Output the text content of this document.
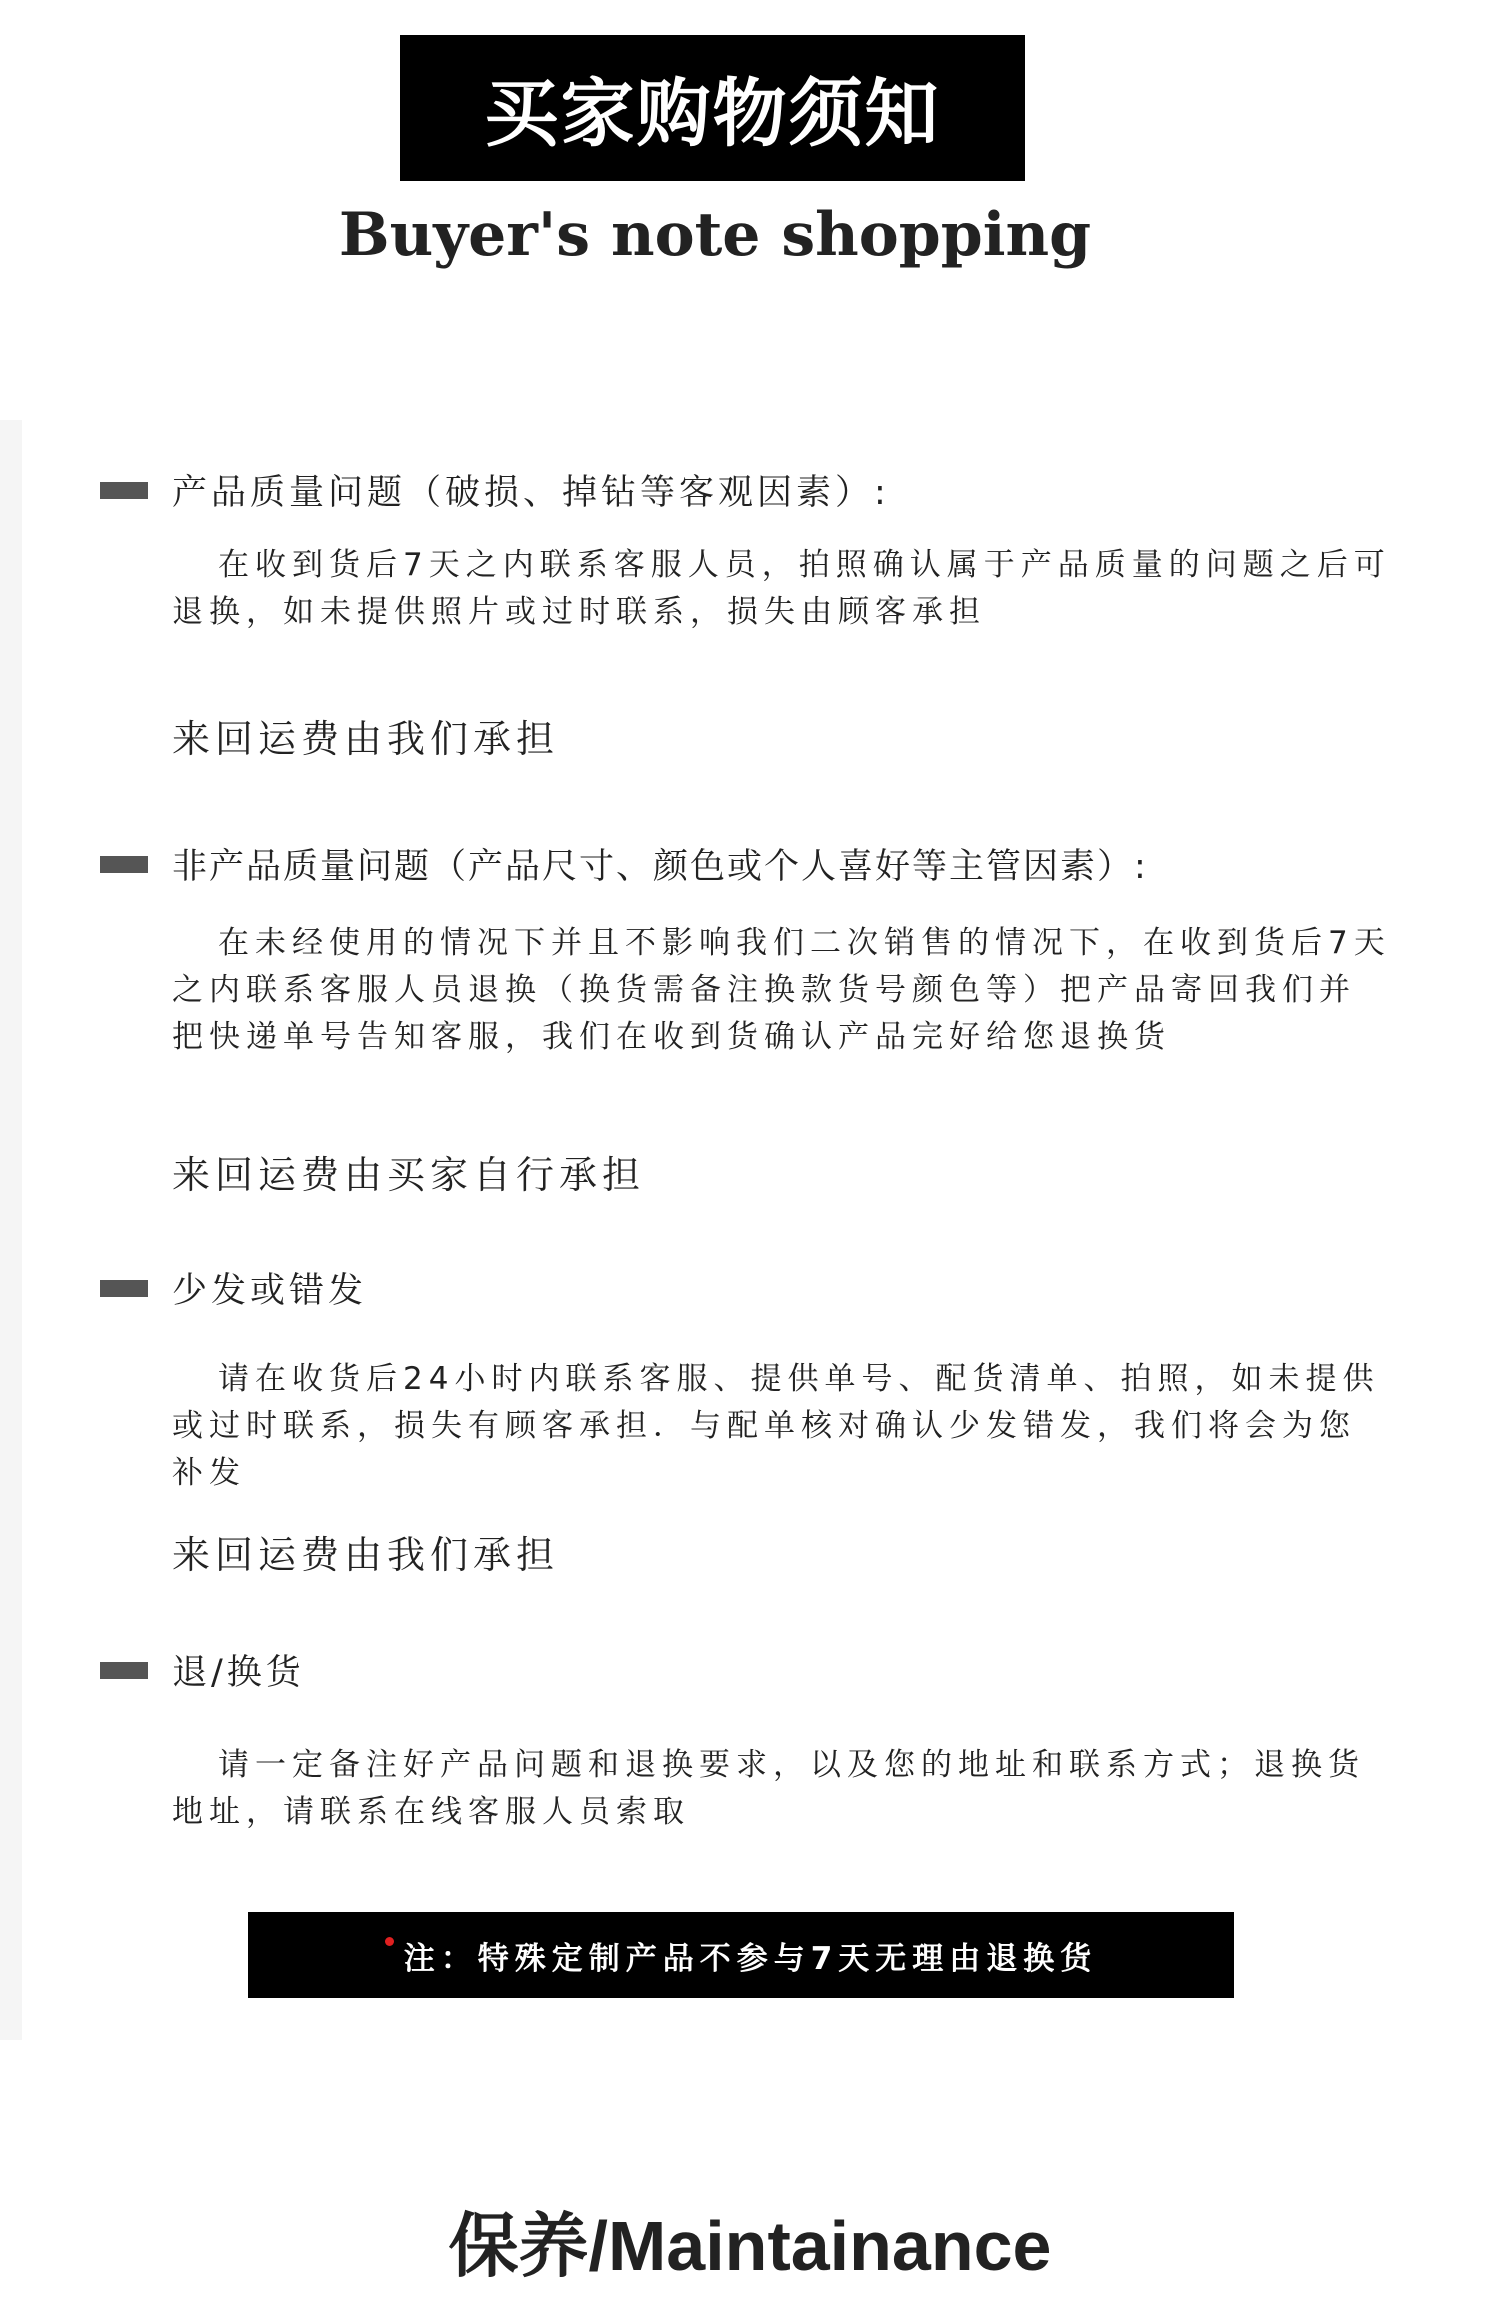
买家购物须知
Buyer's note shopping
产品质量问题（破损、掉钻等客观因素）:

在收到货后7天之内联系客服人员，拍照确认属于产品质量的问题之后可退换，如未提供照片或过时联系，损失由顾客承担

来回运费由我们承担
非产品质量问题（产品尺寸、颜色或个人喜好等主管因素）:

在未经使用的情况下并且不影响我们二次销售的情况下，在收到货后7天之内联系客服人员退换（换货需备注换款货号颜色等）把产品寄回我们并把快递单号告知客服，我们在收到货确认产品完好给您退换货

来回运费由买家自行承担
少发或错发

请在收货后24小时内联系客服、提供单号、配货清单、拍照，如未提供或过时联系，损失有顾客承担．与配单核对确认少发错发，我们将会为您补发

来回运费由我们承担
退/换货

请一定备注好产品问题和退换要求，以及您的地址和联系方式；退换货地址，请联系在线客服人员索取

注：特殊定制产品不参与7天无理由退换货
保养/Maintainance
